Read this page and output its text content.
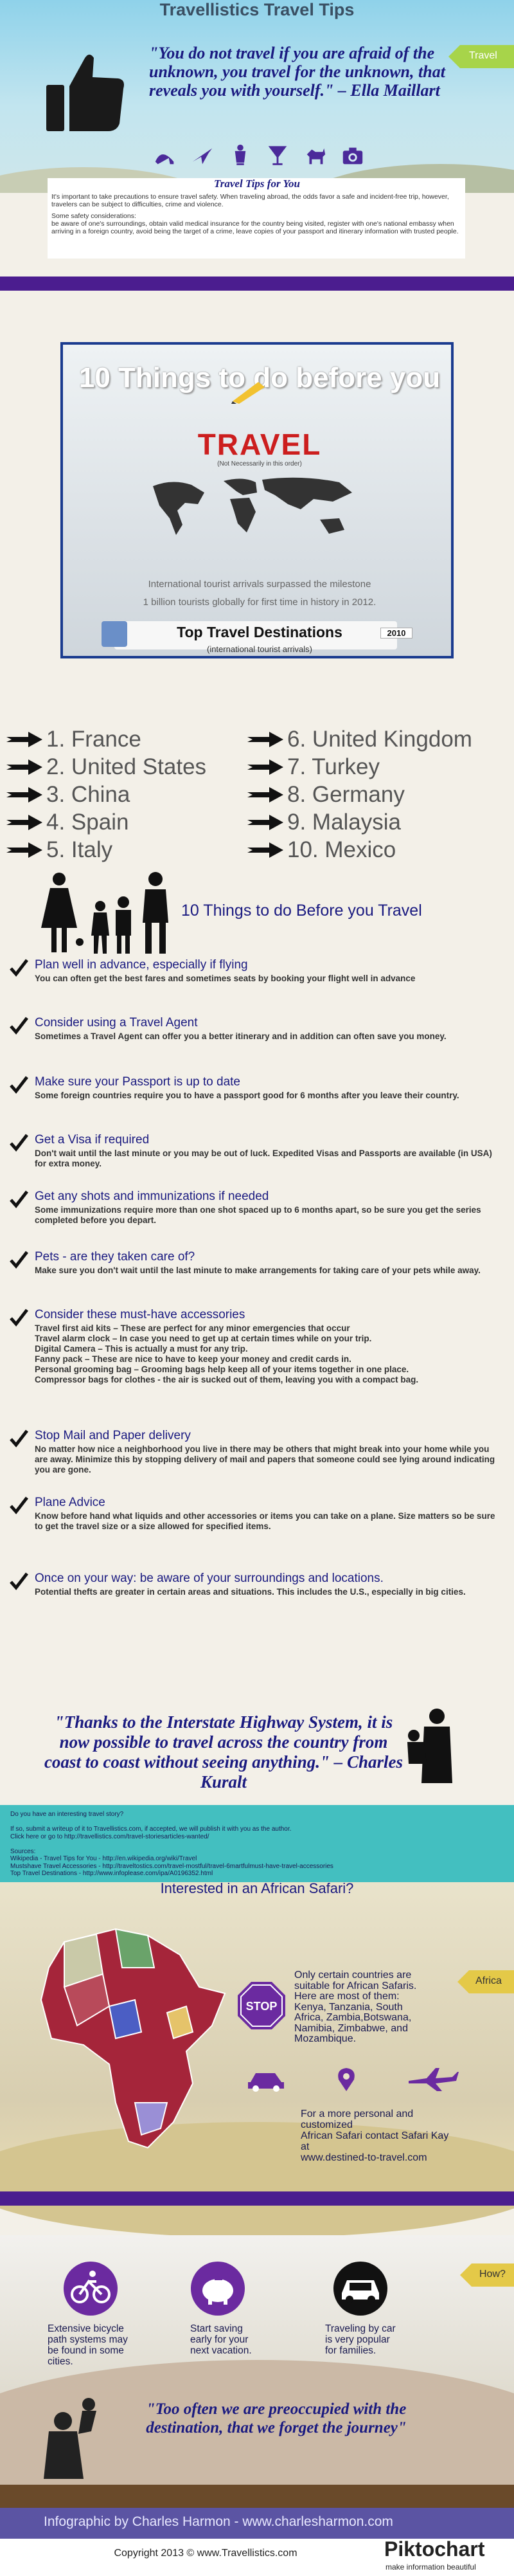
Travellistics Travel Tips
Travel
"You do not travel if you are afraid of the unknown, you travel for the unknown, that reveals you with yourself." – Ella Maillart
Travel Tips for You
It's important to take precautions to ensure travel safety. When traveling abroad, the odds favor a safe and incident-free trip, however, travelers can be subject to difficulties, crime and violence.
Some safety considerations:
be aware of one's surroundings, obtain valid medical insurance for the country being visited, register with one's national embassy when arriving in a foreign country, avoid being the target of a crime, leave copies of your passport and itinerary information with trusted people.
10 Things to do before you
TRAVEL
(Not Necessarily in this order)
International tourist arrivals surpassed the milestone
1 billion tourists globally for first time in history in 2012.
Top Travel Destinations
(international tourist arrivals)
2010
1. France
2. United States
3. China
4. Spain
5. Italy
6. United Kingdom
7. Turkey
8. Germany
9. Malaysia
10. Mexico
10 Things to do Before you Travel
Plan well in advance, especially if flying
You can often get the best fares and sometimes seats by booking your flight well in advance
Consider using a Travel Agent
Sometimes a Travel Agent can offer you a better itinerary and in addition can often save you money.
Make sure your Passport is up to date
Some foreign countries require you to have a passport good for 6 months after you leave their country.
Get a Visa if required
Don't wait until the last minute or you may be out of luck. Expedited Visas and Passports are available (in USA) for extra money.
Get any shots and immunizations if needed
Some immunizations require more than one shot spaced up to 6 months apart, so be sure you get the series completed before you depart.
Pets - are they taken care of?
Make sure you don't wait until the last minute to make arrangements for taking care of your pets while away.
Consider these must-have accessories
Travel first aid kits – These are perfect for any minor emergencies that occur
Travel alarm clock – In case you need to get up at certain times while on your trip.
Digital Camera – This is actually a must for any trip.
Fanny pack – These are nice to have to keep your money and credit cards in.
Personal grooming bag – Grooming bags help keep all of your items together in one place.
Compressor bags for clothes - the air is sucked out of them, leaving you with a compact bag.
Stop Mail and Paper delivery
No matter how nice a neighborhood you live in there may be others that might break into your home while you are away. Minimize this by stopping delivery of mail and papers that someone could see lying around indicating you are gone.
Plane Advice
Know before hand what liquids and other accessories or items you can take on a plane. Size matters so be sure to get the travel size or a size allowed for specified items.
Once on your way: be aware of your surroundings and locations.
Potential thefts are greater in certain areas and situations. This includes the U.S., especially in big cities.
"Thanks to the Interstate Highway System, it is now possible to travel across the country from coast to coast without seeing anything." – Charles Kuralt
Do you have an interesting travel story?

If so, submit a writeup of it to Travellistics.com, if accepted, we will publish it with you as the author.
Click here or go to http://travellistics.com/travel-storiesarticles-wanted/

Sources:
Wikipedia - Travel Tips for You - http://en.wikipedia.org/wiki/Travel
Mustshave Travel Accessories - http://traveltostics.com/travel-mostful/travel-6martfulmust-have-travel-accessories
Top Travel Destinations - http://www.infoplease.com/ipa/A0196352.html
Interested in an African Safari?
Africa
STOP
Only certain countries are
suitable for African Safaris.
Here are most of them:
Kenya, Tanzania, South
Africa, Zambia,Botswana,
Namibia, Zimbabwe, and
Mozambique.
For a more personal and customized
African Safari contact Safari Kay at
www.destined-to-travel.com
How?
Extensive bicycle
path systems may
be found in some
cities.
Start saving
early for your
next vacation.
Traveling by car
is very popular
for families.
"Too often we are preoccupied with the destination, that we forget the journey"
Infographic by Charles Harmon - www.charlesharmon.com
Copyright 2013 © www.Travellistics.com	Piktochart
make information beautiful
